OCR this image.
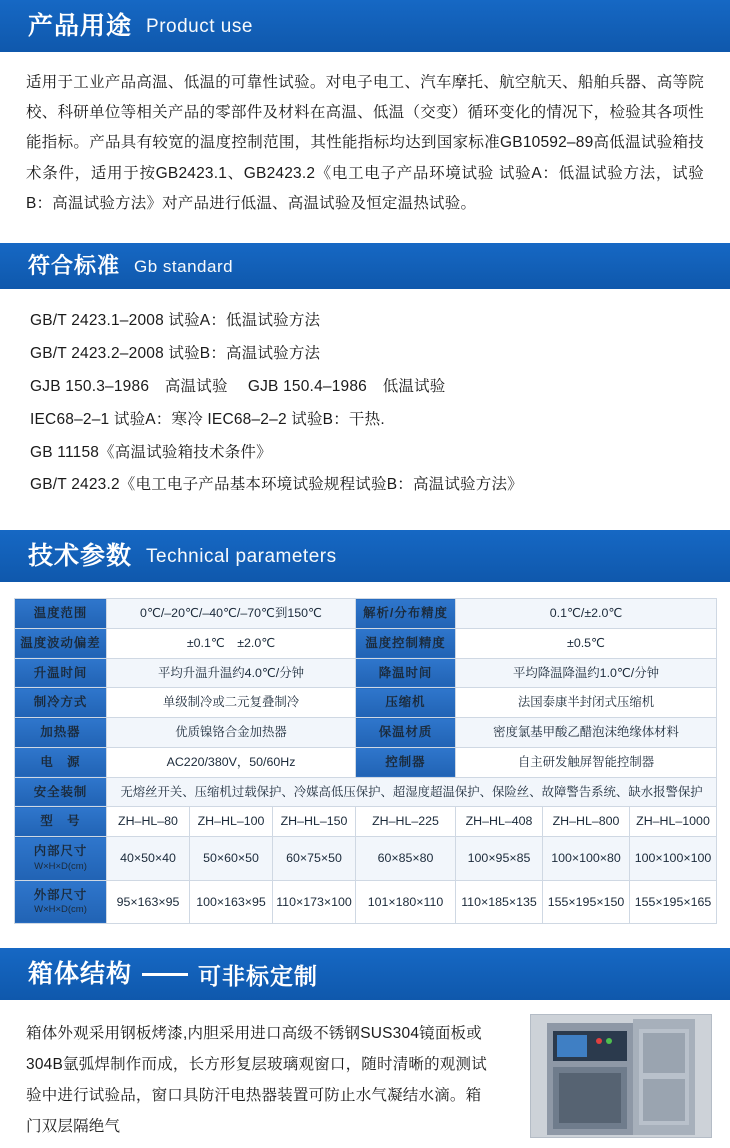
产品用途 Product use
适用于工业产品高温、低温的可靠性试验。对电子电工、汽车摩托、航空航天、船舶兵器、高等院校、科研单位等相关产品的零部件及材料在高温、低温（交变）循环变化的情况下，检验其各项性能指标。产品具有较宽的温度控制范围，其性能指标均达到国家标准GB10592–89高低温试验箱技术条件，适用于按GB2423.1、GB2423.2《电工电子产品环境试验 试验A：低温试验方法，试验B：高温试验方法》对产品进行低温、高温试验及恒定温热试验。
符合标准 Gb standard
GB/T 2423.1–2008 试验A：低温试验方法
GB/T 2423.2–2008 试验B：高温试验方法
GJB 150.3–1986　高温试验　 GJB 150.4–1986　低温试验
IEC68–2–1 试验A：寒冷 IEC68–2–2 试验B：干热.
GB 11158《高温试验箱技术条件》
GB/T 2423.2《电工电子产品基本环境试验规程试验B：高温试验方法》
技术参数 Technical parameters
温度范围	0℃/–20℃/–40℃/–70℃到150℃			解析/分布精度	0.1℃/±2.0℃		
温度波动偏差	±0.1℃　±2.0℃			温度控制精度	±0.5℃		
升温时间	平均升温升温约4.0℃/分钟			降温时间	平均降温降温约1.0℃/分钟		
制冷方式	单级制冷或二元复叠制冷			压缩机	法国泰康半封闭式压缩机		
加热器	优质镍铬合金加热器			保温材质	密度氯基甲酸乙醋泡沫绝缘体材料		
电　源	AC220/380V，50/60Hz			控制器	自主研发触屏智能控制器		
安全装制	无熔丝开关、压缩机过载保护、冷媒高低压保护、超湿度超温保护、保险丝、故障警告系统、缺水报警保护						
型　号	ZH–HL–80	ZH–HL–100	ZH–HL–150	ZH–HL–225	ZH–HL–408	ZH–HL–800	ZH–HL–1000
内部尺寸
W×H×D(cm)	40×50×40	50×60×50	60×75×50	60×85×80	100×95×85	100×100×80	100×100×100
外部尺寸
W×H×D(cm)	95×163×95	100×163×95	110×173×100	101×180×110	110×185×135	155×195×150	155×195×165
箱体结构	可非标定制
箱体外观采用钢板烤漆,内胆采用进口高级不锈钢SUS304镜面板或304B氩弧焊制作而成，长方形复层玻璃观窗口，随时清晰的观测试验中进行试验品，窗口具防汗电热器装置可防止水气凝结水滴。箱门双层隔绝气
